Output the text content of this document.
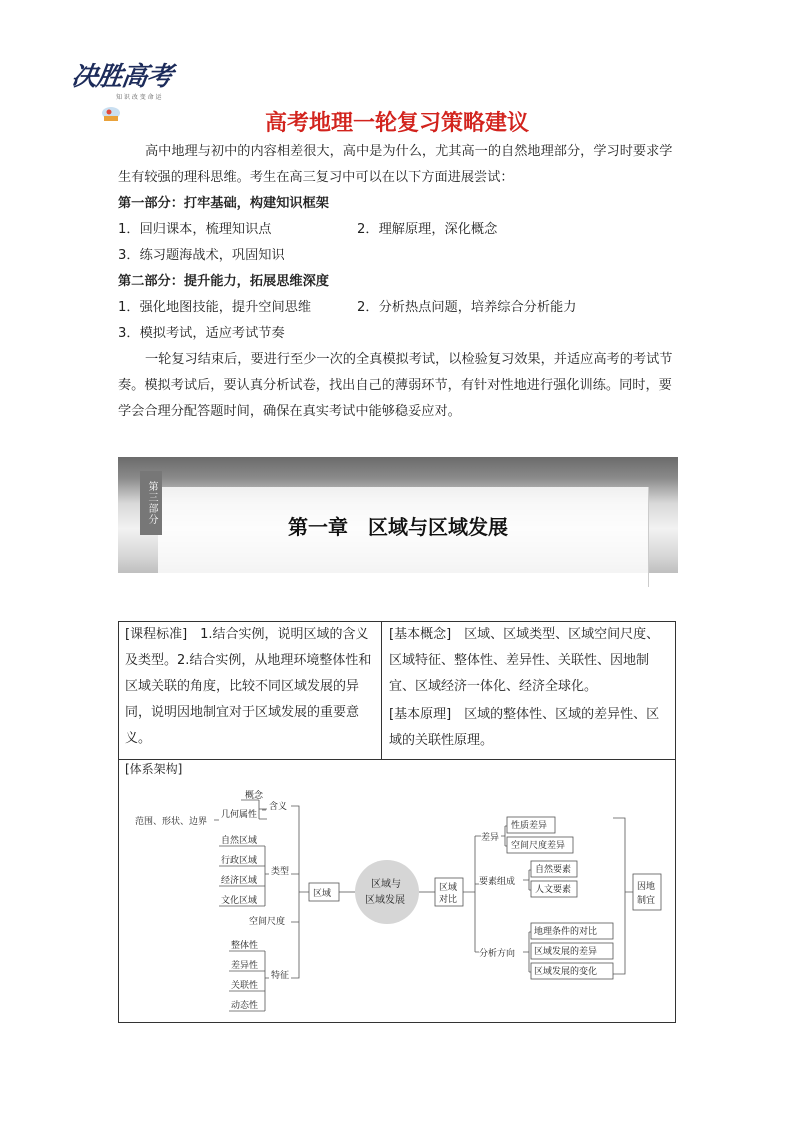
决胜高考
知 识 改 变 命 运
高考地理一轮复习策略建议

高中地理与初中的内容相差很大，高中是为什么，尤其高一的自然地理部分，学习时要求学生有较强的理科思维。考生在高三复习中可以在以下方面进展尝试：

第一部分：打牢基础，构建知识框架

1．回归课本，梳理知识点	2．理解原理，深化概念

3．练习题海战术，巩固知识

第二部分：提升能力，拓展思维深度

1．强化地图技能，提升空间思维	2．分析热点问题，培养综合分析能力

3．模拟考试，适应考试节奏

一轮复习结束后，要进行至少一次的全真模拟考试，以检验复习效果，并适应高考的考试节奏。模拟考试后，要认真分析试卷，找出自己的薄弱环节，有针对性地进行强化训练。同时，要学会合理分配答题时间，确保在真实考试中能够稳妥应对。

第三部分
第一章　区域与区域发展
[课程标准]　1.结合实例，说明区域的含义及类型。2.结合实例，从地理环境整体性和区域关联的角度，比较不同区域发展的异同，说明因地制宜对于区域发展的重要意义。
[基本概念]　区域、区域类型、区域空间尺度、区域特征、整体性、差异性、关联性、因地制宜、区域经济一体化、经济全球化。
[基本原理]　区域的整体性、区域的差异性、区域的关联性原理。
[体系架构]
概念
几何属性
范围、形状、边界
含义
自然区域
行政区域
经济区域
文化区域
类型
空间尺度
整体性
差异性
关联性
动态性
特征
区域
区域与
区域发展
区域
对比
差异
要素组成
分析方向
性质差异
空间尺度差异
自然要素
人文要素
地理条件的对比
区域发展的差异
区域发展的变化
因地
制宜
